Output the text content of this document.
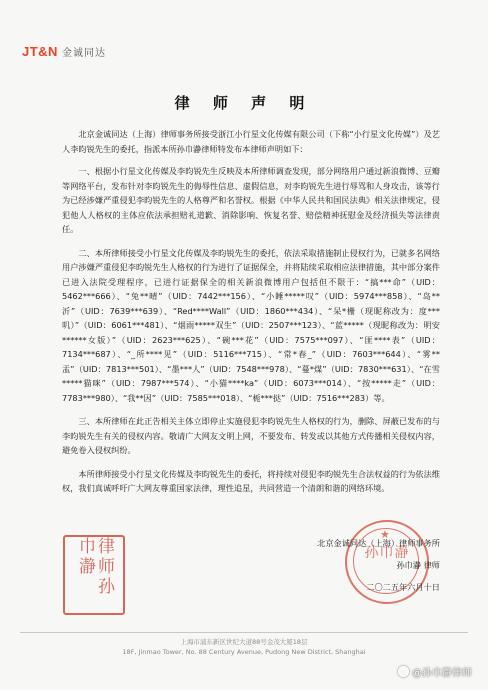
JT&N 金诚同达
律 师 声 明

北京金诚同达（上海）律师事务所接受浙江小行星文化传媒有限公司（下称“小行星文化传媒”）及艺人李昀锐先生的委托，指派本所孙巾瀞律师特发布本律师声明如下：

一、根据小行星文化传媒及李昀锐先生反映及本所律师调查发现，部分网络用户通过新浪微博、豆瓣等网络平台，发布针对李昀锐先生的侮辱性信息、虚假信息，对李昀锐先生进行辱骂和人身攻击，该等行为已经涉嫌严重侵犯李昀锐先生的人格尊严和名誉权。根据《中华人民共和国民法典》相关法律规定，侵犯他人人格权的主体应依法承担赔礼道歉、消除影响、恢复名誉、赔偿精神抚慰金及经济损失等法律责任。

二、本所律师接受小行星文化传媒及李昀锐先生的委托，依法采取措施制止侵权行为，已就多名网络用户涉嫌严重侵犯李昀锐先生人格权的行为进行了证据保全，并将陆续采取相应法律措施，其中部分案件已进入法院受理程序，已进行证据保全的相关新浪微博用户包括但不限于：“搞***命”（UID：5462***666）、“兔**晴”（UID：7442***156）、“小睡*****叹”（UID：5974***858）、“岛**沂”（UID：7639***639）、“Red****Wall”（UID：1860***434）、“呆*栅（现昵称改为：度***叽）”（UID：6061***481）、“烟雨*****双生”（UID：2507***123）、“蓝*****（现昵称改为：明安******女版）”（UID：2623***625）、“碗***花”（UID：7575***097）、“匪****表”（UID：7134***687）、“_所****见”（UID：5116***715）、“常*春_”（UID：7603***644）、“雾**盂”（UID：7813***501）、“墨***人”（UID：7548***978）、“蔓*煤”（UID：7830***631）、“在雪*****猫咪”（UID：7987***574）、“小猫****ka”（UID：6073***014）、“按*****走”（UID：7783***980）、“我**因”（UID：7585***018）、“栀***挞”（UID：7516***283）等。

三、本所律师在此正告相关主体立即停止实施侵犯李昀锐先生人格权的行为，删除、屏蔽已发布的与李昀锐先生有关的侵权内容。敬请广大网友文明上网，不要发布、转发或以其他方式传播相关侵权内容，避免卷入侵权纠纷。

本所律师接受小行星文化传媒及李昀锐先生的委托，将持续对侵犯李昀锐先生合法权益的行为依法维权，我们真诚呼吁广大网友尊重国家法律，理性追星，共同营造一个清朗和谐的网络环境。

律师孙巾瀞
★
孙巾瀞
北京金诚同达（上海）律师事务所
孙巾瀞 律师
二〇二五年六月十日
上海市浦东新区世纪大道88号金茂大厦18层
18F, Jinmao Tower, No. 88 Century Avenue, Pudong New District, Shanghai
@孙巾瀞律师
